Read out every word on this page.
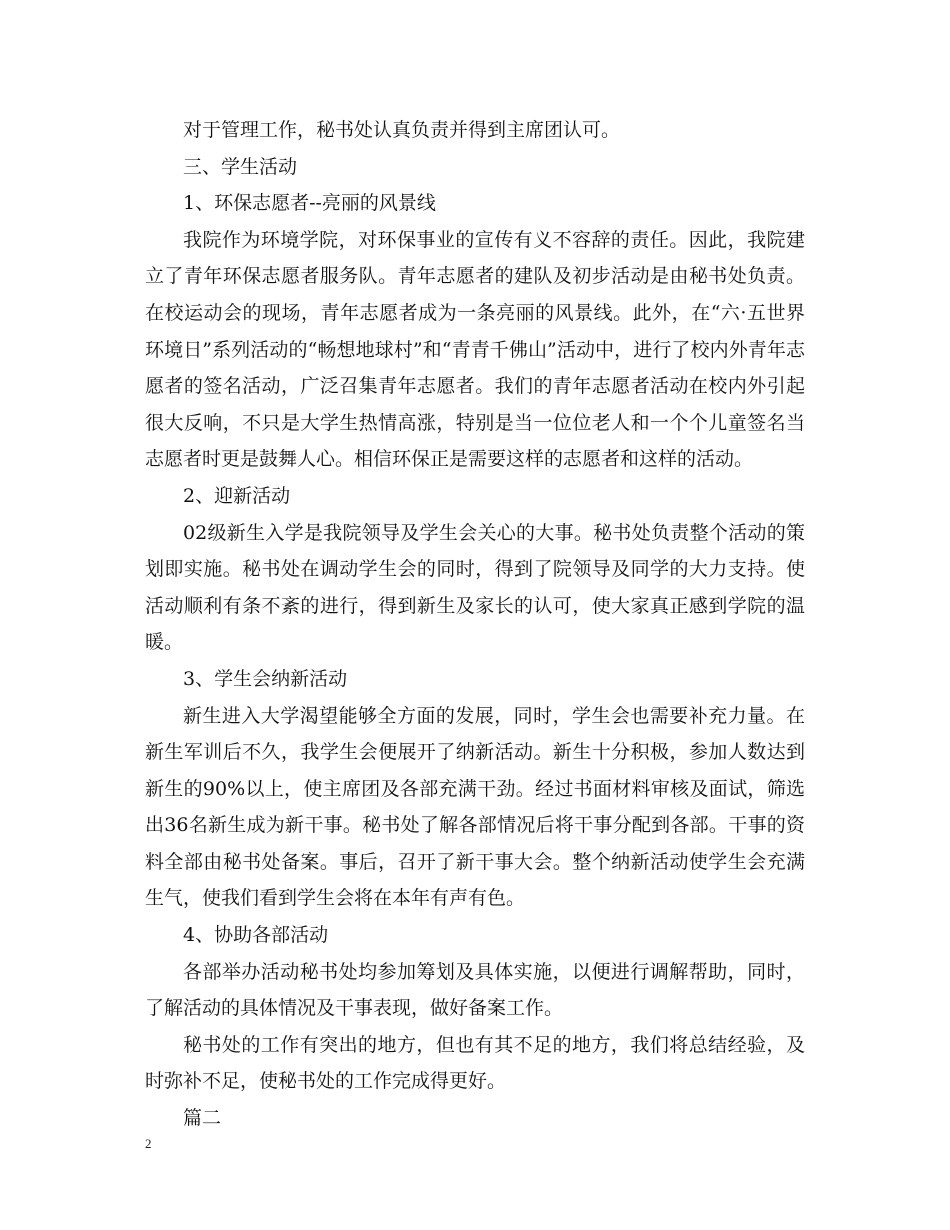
对于管理工作，秘书处认真负责并得到主席团认可。

三、学生活动

1、环保志愿者--亮丽的风景线

我院作为环境学院，对环保事业的宣传有义不容辞的责任。因此，我院建立了青年环保志愿者服务队。青年志愿者的建队及初步活动是由秘书处负责。在校运动会的现场，青年志愿者成为一条亮丽的风景线。此外，在“六·五世界环境日”系列活动的“畅想地球村”和“青青千佛山”活动中，进行了校内外青年志愿者的签名活动，广泛召集青年志愿者。我们的青年志愿者活动在校内外引起很大反响，不只是大学生热情高涨，特别是当一位位老人和一个个儿童签名当志愿者时更是鼓舞人心。相信环保正是需要这样的志愿者和这样的活动。

2、迎新活动

02级新生入学是我院领导及学生会关心的大事。秘书处负责整个活动的策划即实施。秘书处在调动学生会的同时，得到了院领导及同学的大力支持。使活动顺利有条不紊的进行，得到新生及家长的认可，使大家真正感到学院的温暖。

3、学生会纳新活动

新生进入大学渴望能够全方面的发展，同时，学生会也需要补充力量。在新生军训后不久，我学生会便展开了纳新活动。新生十分积极，参加人数达到新生的90%以上，使主席团及各部充满干劲。经过书面材料审核及面试，筛选出36名新生成为新干事。秘书处了解各部情况后将干事分配到各部。干事的资料全部由秘书处备案。事后，召开了新干事大会。整个纳新活动使学生会充满生气，使我们看到学生会将在本年有声有色。

4、协助各部活动

各部举办活动秘书处均参加筹划及具体实施，以便进行调解帮助，同时，了解活动的具体情况及干事表现，做好备案工作。

秘书处的工作有突出的地方，但也有其不足的地方，我们将总结经验，及时弥补不足，使秘书处的工作完成得更好。

篇二

2
